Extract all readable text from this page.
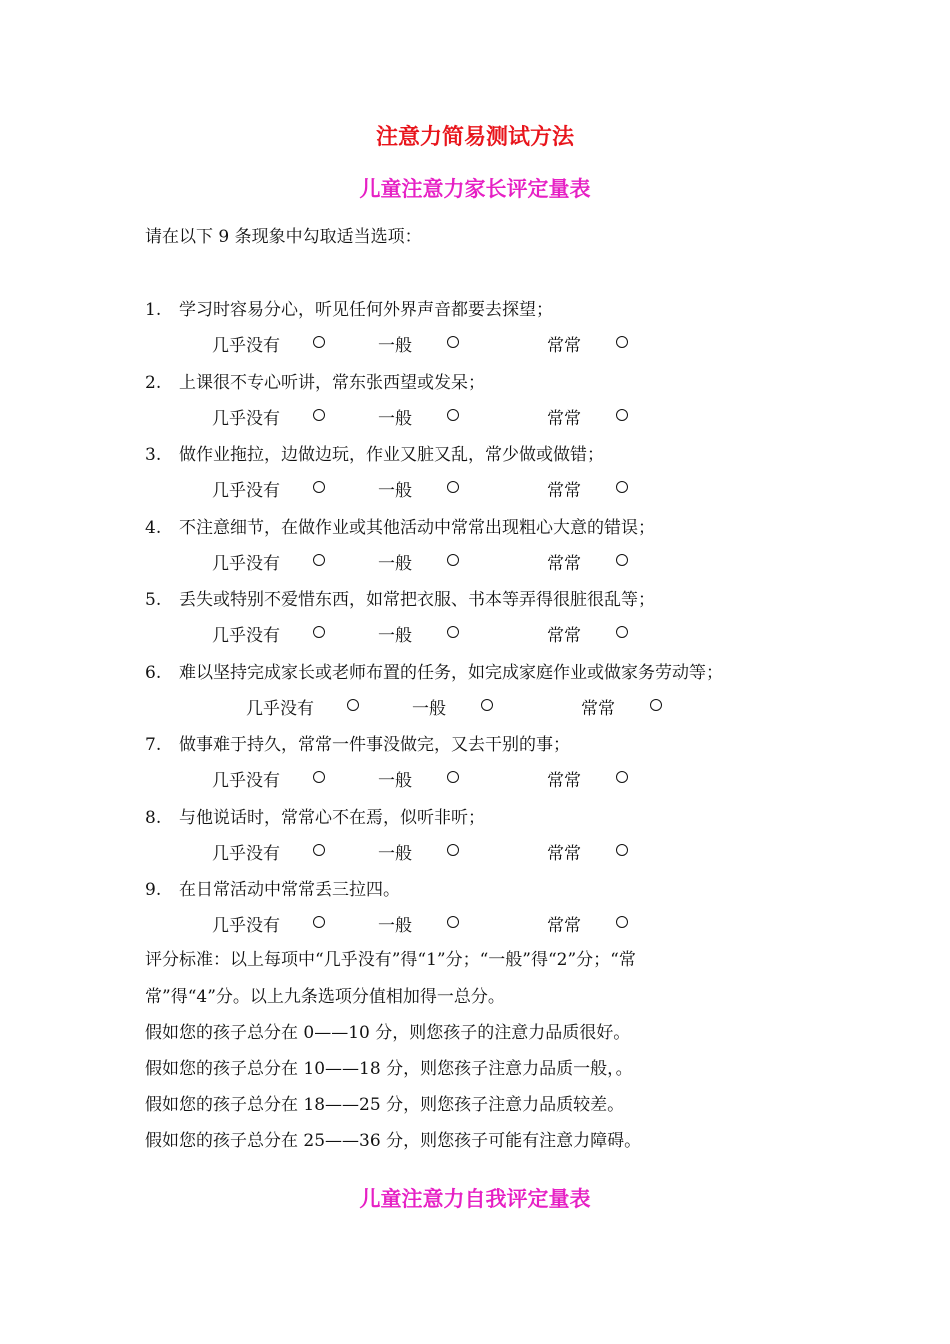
注意力简易测试方法
儿童注意力家长评定量表
请在以下 9 条现象中勾取适当选项：
1. 学习时容易分心，听见任何外界声音都要去探望；
几乎没有	一般	常常
2. 上课很不专心听讲，常东张西望或发呆；
几乎没有	一般	常常
3. 做作业拖拉，边做边玩，作业又脏又乱，常少做或做错；
几乎没有	一般	常常
4. 不注意细节，在做作业或其他活动中常常出现粗心大意的错误；
几乎没有	一般	常常
5. 丢失或特别不爱惜东西，如常把衣服、书本等弄得很脏很乱等；
几乎没有	一般	常常
6. 难以坚持完成家长或老师布置的任务，如完成家庭作业或做家务劳动等；
几乎没有	一般	常常
7. 做事难于持久，常常一件事没做完，又去干别的事；
几乎没有	一般	常常
8. 与他说话时，常常心不在焉，似听非听；
几乎没有	一般	常常
9. 在日常活动中常常丢三拉四。
几乎没有	一般	常常
评分标准：以上每项中“几乎没有”得“1”分；“一般”得“2”分；“常
常”得“4”分。以上九条选项分值相加得一总分。
假如您的孩子总分在 0——10 分，则您孩子的注意力品质很好。
假如您的孩子总分在 10——18 分，则您孩子注意力品质一般，。
假如您的孩子总分在 18——25 分，则您孩子注意力品质较差。
假如您的孩子总分在 25——36 分，则您孩子可能有注意力障碍。
儿童注意力自我评定量表
